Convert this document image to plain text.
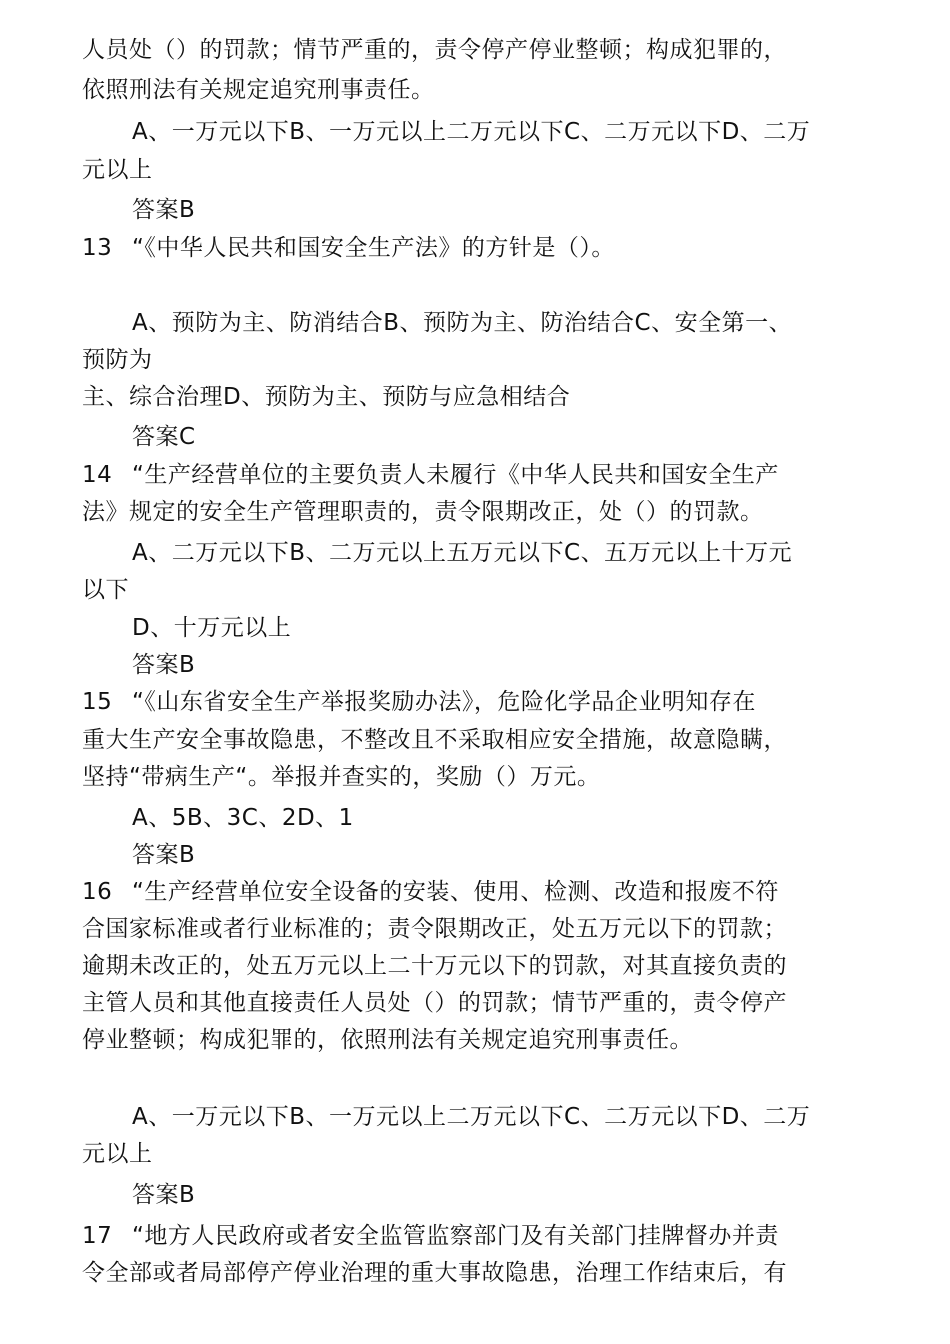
人员处（）的罚款；情节严重的，责令停产停业整顿；构成犯罪的，
依照刑法有关规定追究刑事责任。
A、一万元以下B、一万元以上二万元以下C、二万元以下D、二万
元以上
答案B
13 “《中华人民共和国安全生产法》的方针是（）。
A、预防为主、防消结合B、预防为主、防治结合C、安全第一、
预防为
主、综合治理D、预防为主、预防与应急相结合
答案C
14 “生产经营单位的主要负责人未履行《中华人民共和国安全生产
法》规定的安全生产管理职责的，责令限期改正，处（）的罚款。
A、二万元以下B、二万元以上五万元以下C、五万元以上十万元
以下
D、十万元以上
答案B
15 “《山东省安全生产举报奖励办法》，危险化学品企业明知存在
重大生产安全事故隐患，不整改且不采取相应安全措施，故意隐瞒，
坚持“带病生产“。举报并查实的，奖励（）万元。
A、5B、3C、2D、1
答案B
16 “生产经营单位安全设备的安装、使用、检测、改造和报废不符
合国家标准或者行业标准的；责令限期改正，处五万元以下的罚款；
逾期未改正的，处五万元以上二十万元以下的罚款，对其直接负责的
主管人员和其他直接责任人员处（）的罚款；情节严重的，责令停产
停业整顿；构成犯罪的，依照刑法有关规定追究刑事责任。
A、一万元以下B、一万元以上二万元以下C、二万元以下D、二万
元以上
答案B
17 “地方人民政府或者安全监管监察部门及有关部门挂牌督办并责
令全部或者局部停产停业治理的重大事故隐患，治理工作结束后，有
